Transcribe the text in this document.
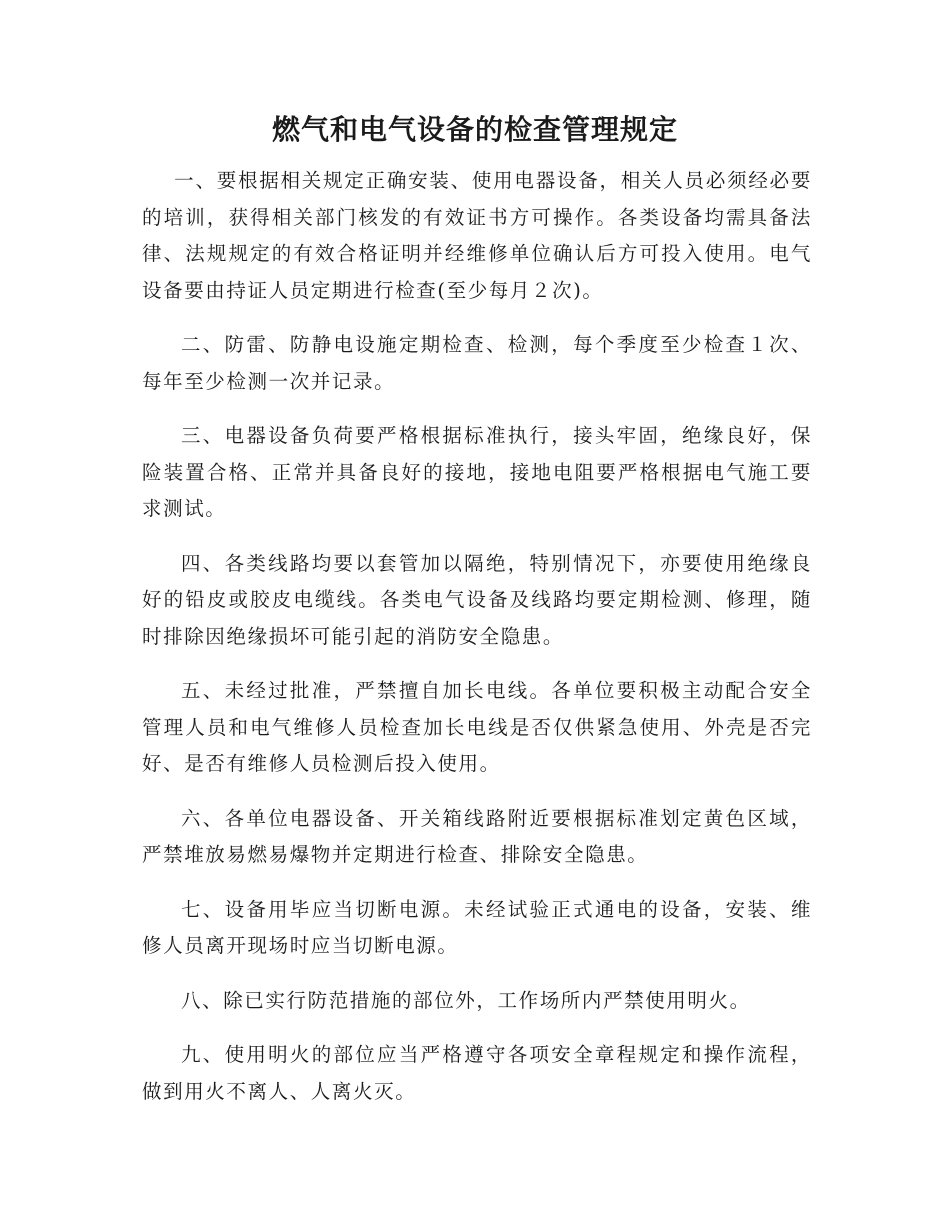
燃气和电气设备的检查管理规定

一、要根据相关规定正确安装、使用电器设备，相关人员必须经必要的培训，获得相关部门核发的有效证书方可操作。各类设备均需具备法律、法规规定的有效合格证明并经维修单位确认后方可投入使用。电气设备要由持证人员定期进行检查(至少每月２次)。

二、防雷、防静电设施定期检查、检测，每个季度至少检查１次、每年至少检测一次并记录。

三、电器设备负荷要严格根据标准执行，接头牢固，绝缘良好，保险装置合格、正常并具备良好的接地，接地电阻要严格根据电气施工要求测试。

四、各类线路均要以套管加以隔绝，特别情况下，亦要使用绝缘良好的铅皮或胶皮电缆线。各类电气设备及线路均要定期检测、修理，随时排除因绝缘损坏可能引起的消防安全隐患。

五、未经过批准，严禁擅自加长电线。各单位要积极主动配合安全管理人员和电气维修人员检查加长电线是否仅供紧急使用、外壳是否完好、是否有维修人员检测后投入使用。

六、各单位电器设备、开关箱线路附近要根据标准划定黄色区域，严禁堆放易燃易爆物并定期进行检查、排除安全隐患。

七、设备用毕应当切断电源。未经试验正式通电的设备，安装、维修人员离开现场时应当切断电源。

八、除已实行防范措施的部位外，工作场所内严禁使用明火。

九、使用明火的部位应当严格遵守各项安全章程规定和操作流程，做到用火不离人、人离火灭。
